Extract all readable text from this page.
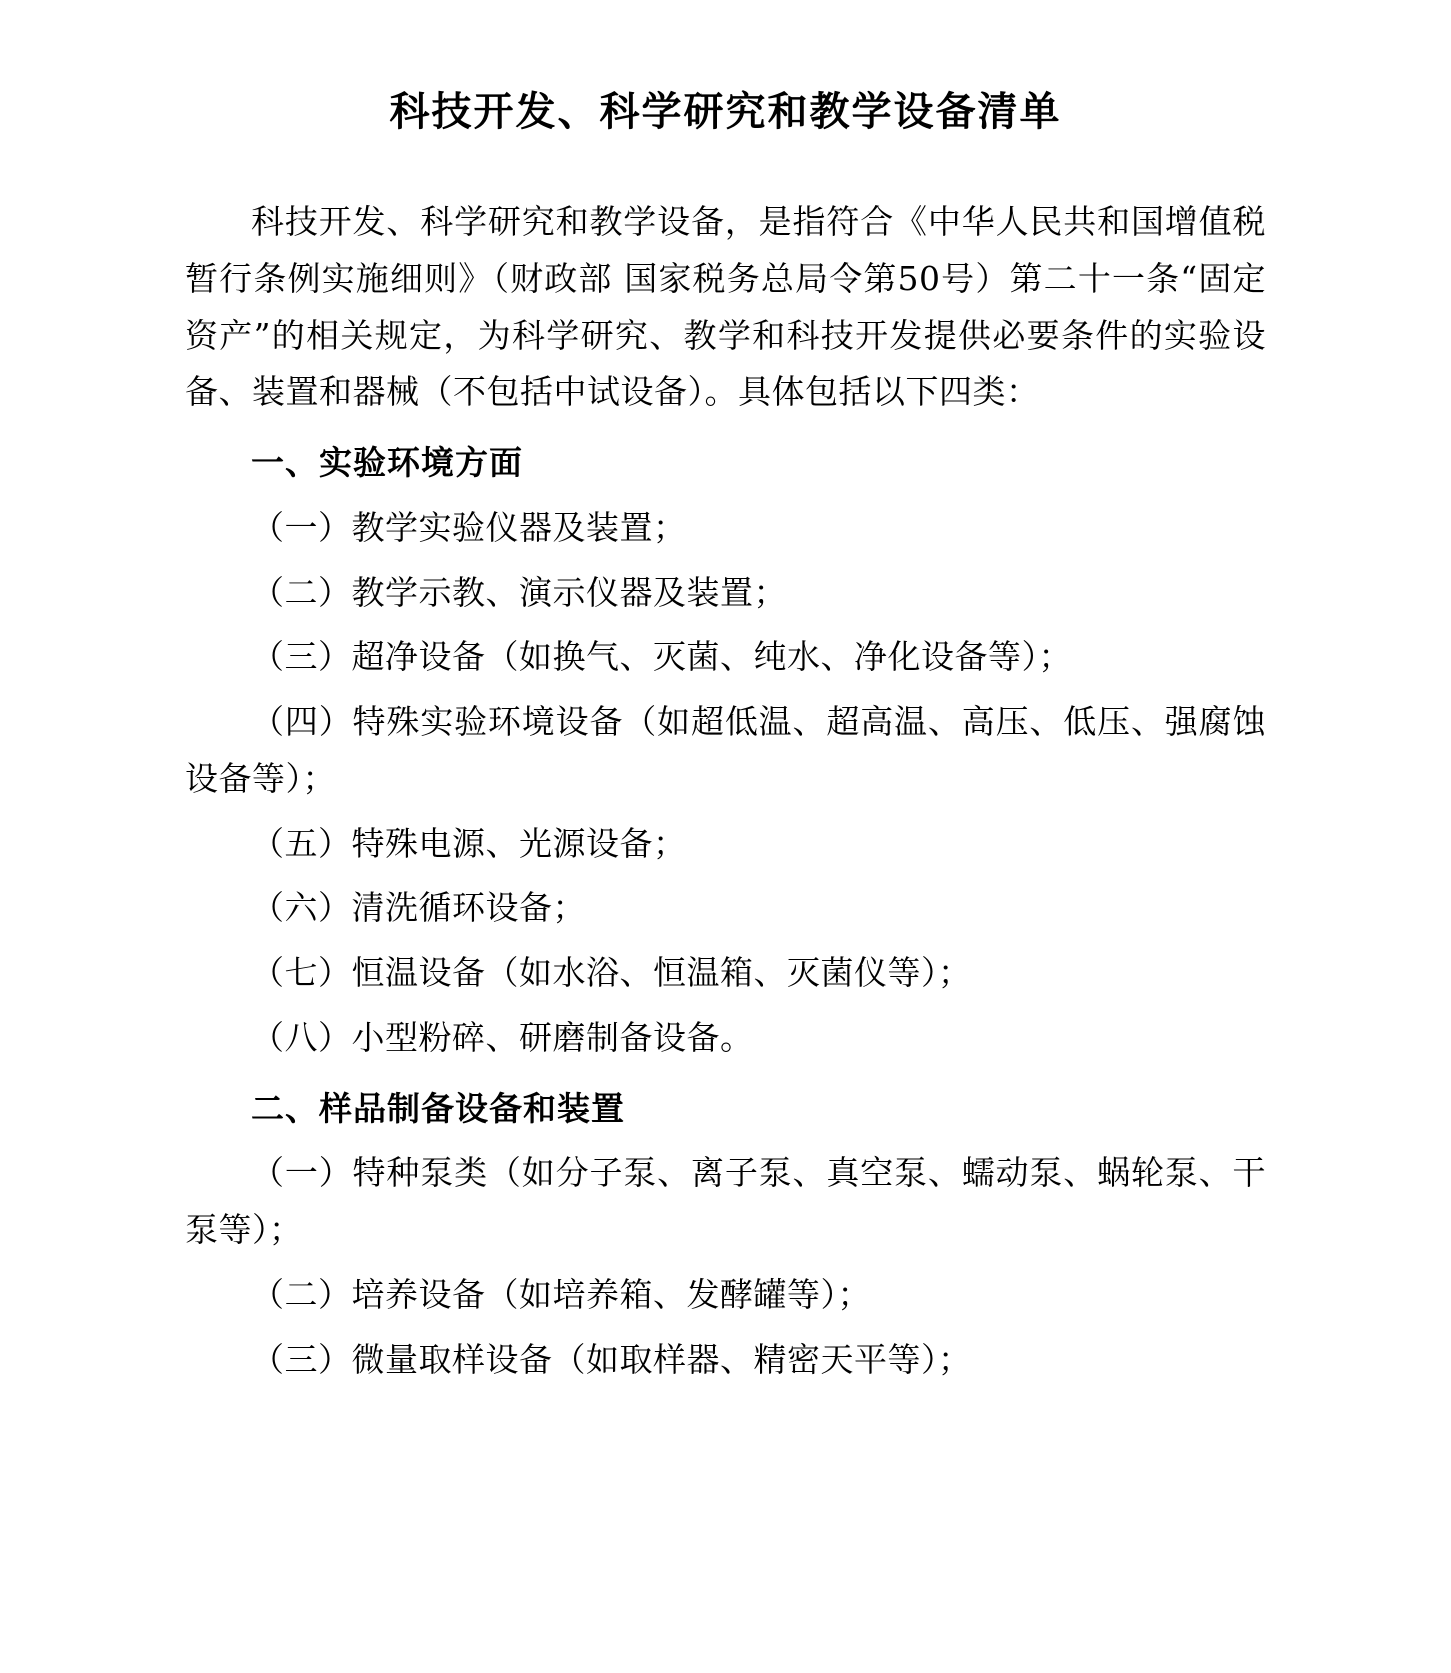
科技开发、科学研究和教学设备清单

科技开发、科学研究和教学设备，是指符合《中华人民共和国增值税暂行条例实施细则》（财政部 国家税务总局令第50号）第二十一条“固定资产”的相关规定，为科学研究、教学和科技开发提供必要条件的实验设备、装置和器械（不包括中试设备）。具体包括以下四类：

一、实验环境方面

（一）教学实验仪器及装置；

（二）教学示教、演示仪器及装置；

（三）超净设备（如换气、灭菌、纯水、净化设备等）；

（四）特殊实验环境设备（如超低温、超高温、高压、低压、强腐蚀设备等）；

（五）特殊电源、光源设备；

（六）清洗循环设备；

（七）恒温设备（如水浴、恒温箱、灭菌仪等）；

（八）小型粉碎、研磨制备设备。

二、样品制备设备和装置

（一）特种泵类（如分子泵、离子泵、真空泵、蠕动泵、蜗轮泵、干泵等）；

（二）培养设备（如培养箱、发酵罐等）；

（三）微量取样设备（如取样器、精密天平等）；
